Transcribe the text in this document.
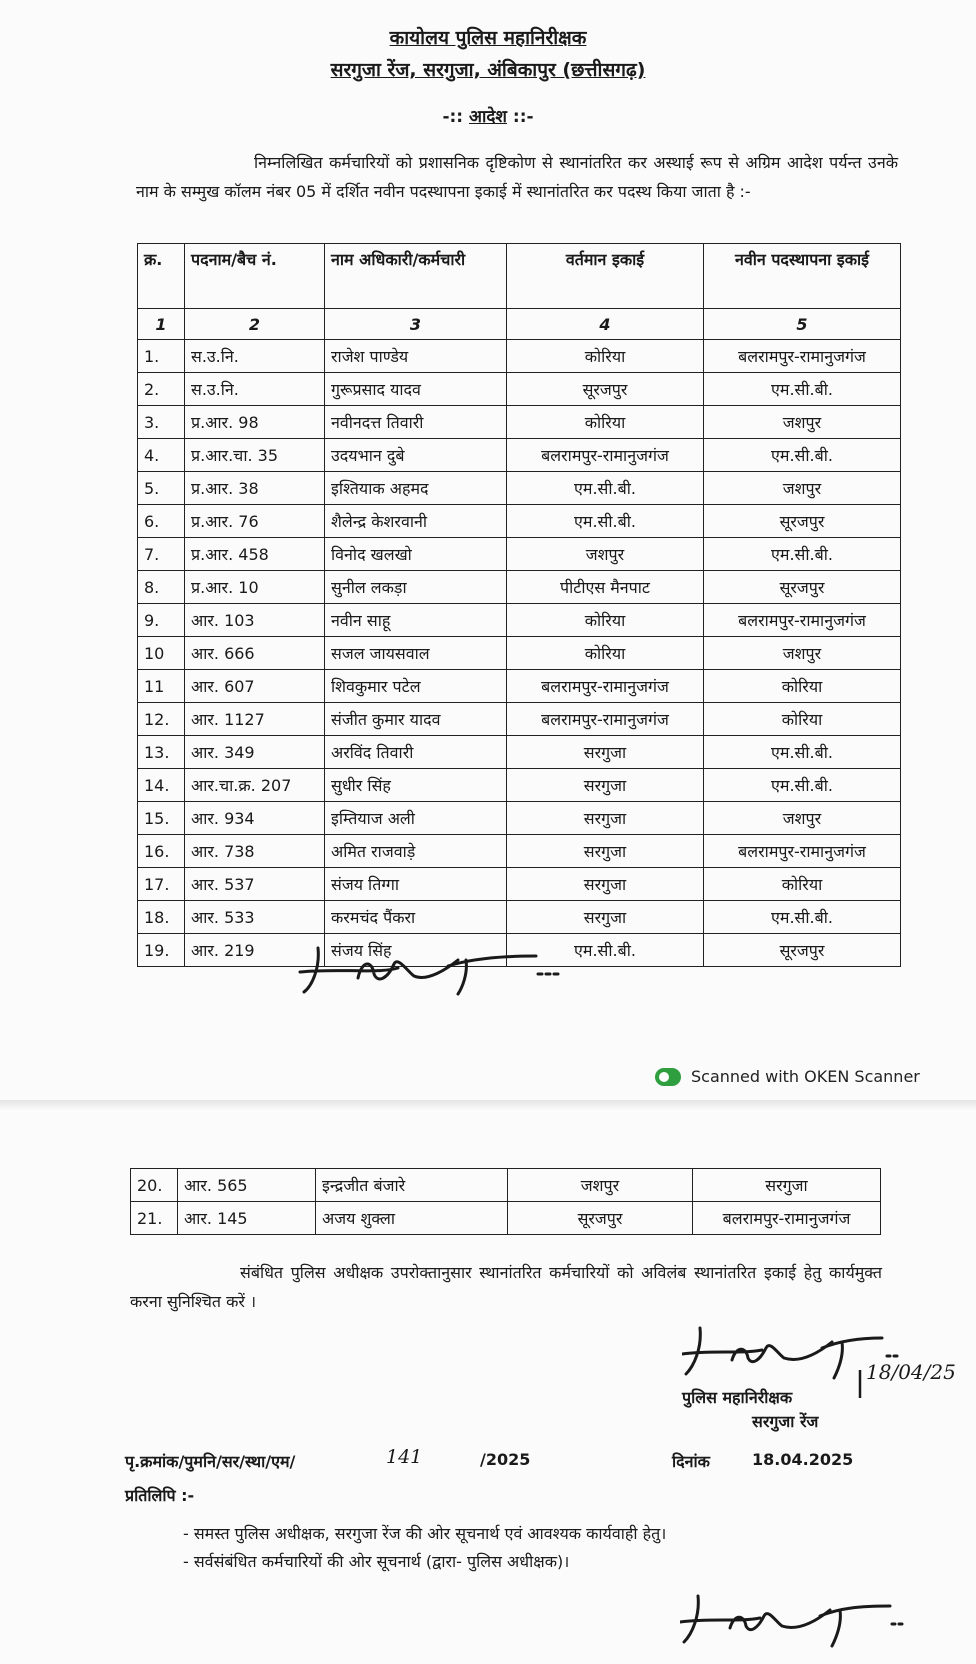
कायोलय पुलिस महानिरीक्षक
सरगुजा रेंज, सरगुजा, अंबिकापुर (छत्तीसगढ़)
-:: आदेश ::-
निम्नलिखित कर्मचारियों को प्रशासनिक दृष्टिकोण से स्थानांतरित कर अस्थाई रूप से अग्रिम आदेश पर्यन्त उनके नाम के सम्मुख कॉलम नंबर 05 में दर्शित नवीन पदस्थापना इकाई में स्थानांतरित कर पदस्थ किया जाता है :-
क्र.	पदनाम/बैच नं.	नाम अधिकारी/कर्मचारी	वर्तमान इकाई	नवीन पदस्थापना इकाई
1	2	3	4	5
1.	स.उ.नि.	राजेश पाण्डेय	कोरिया	बलरामपुर-रामानुजगंज
2.	स.उ.नि.	गुरूप्रसाद यादव	सूरजपुर	एम.सी.बी.
3.	प्र.आर. 98	नवीनदत्त तिवारी	कोरिया	जशपुर
4.	प्र.आर.चा. 35	उदयभान दुबे	बलरामपुर-रामानुजगंज	एम.सी.बी.
5.	प्र.आर. 38	इश्तियाक अहमद	एम.सी.बी.	जशपुर
6.	प्र.आर. 76	शैलेन्द्र केशरवानी	एम.सी.बी.	सूरजपुर
7.	प्र.आर. 458	विनोद खलखो	जशपुर	एम.सी.बी.
8.	प्र.आर. 10	सुनील लकड़ा	पीटीएस मैनपाट	सूरजपुर
9.	आर. 103	नवीन साहू	कोरिया	बलरामपुर-रामानुजगंज
10	आर. 666	सजल जायसवाल	कोरिया	जशपुर
11	आर. 607	शिवकुमार पटेल	बलरामपुर-रामानुजगंज	कोरिया
12.	आर. 1127	संजीत कुमार यादव	बलरामपुर-रामानुजगंज	कोरिया
13.	आर. 349	अरविंद तिवारी	सरगुजा	एम.सी.बी.
14.	आर.चा.क्र. 207	सुधीर सिंह	सरगुजा	एम.सी.बी.
15.	आर. 934	इम्तियाज अली	सरगुजा	जशपुर
16.	आर. 738	अमित राजवाड़े	सरगुजा	बलरामपुर-रामानुजगंज
17.	आर. 537	संजय तिग्गा	सरगुजा	कोरिया
18.	आर. 533	करमचंद पैंकरा	सरगुजा	एम.सी.बी.
19.	आर. 219	संजय सिंह	एम.सी.बी.	सूरजपुर
Scanned with OKEN Scanner
20.	आर. 565	इन्द्रजीत बंजारे	जशपुर	सरगुजा
21.	आर. 145	अजय शुक्ला	सूरजपुर	बलरामपुर-रामानुजगंज
संबंधित पुलिस अधीक्षक उपरोक्तानुसार स्थानांतरित कर्मचारियों को अविलंब स्थानांतरित इकाई हेतु कार्यमुक्त करना सुनिश्चित करें ।
18/04/25
पुलिस महानिरीक्षक
सरगुजा रेंज
पृ.क्रमांक/पुमनि/सर/स्था/एम/	141	/2025	दिनांक	18.04.2025
प्रतिलिपि :-
- समस्त पुलिस अधीक्षक, सरगुजा रेंज की ओर सूचनार्थ एवं आवश्यक कार्यवाही हेतु।
- सर्वसंबंधित कर्मचारियों की ओर सूचनार्थ (द्वारा- पुलिस अधीक्षक)।
